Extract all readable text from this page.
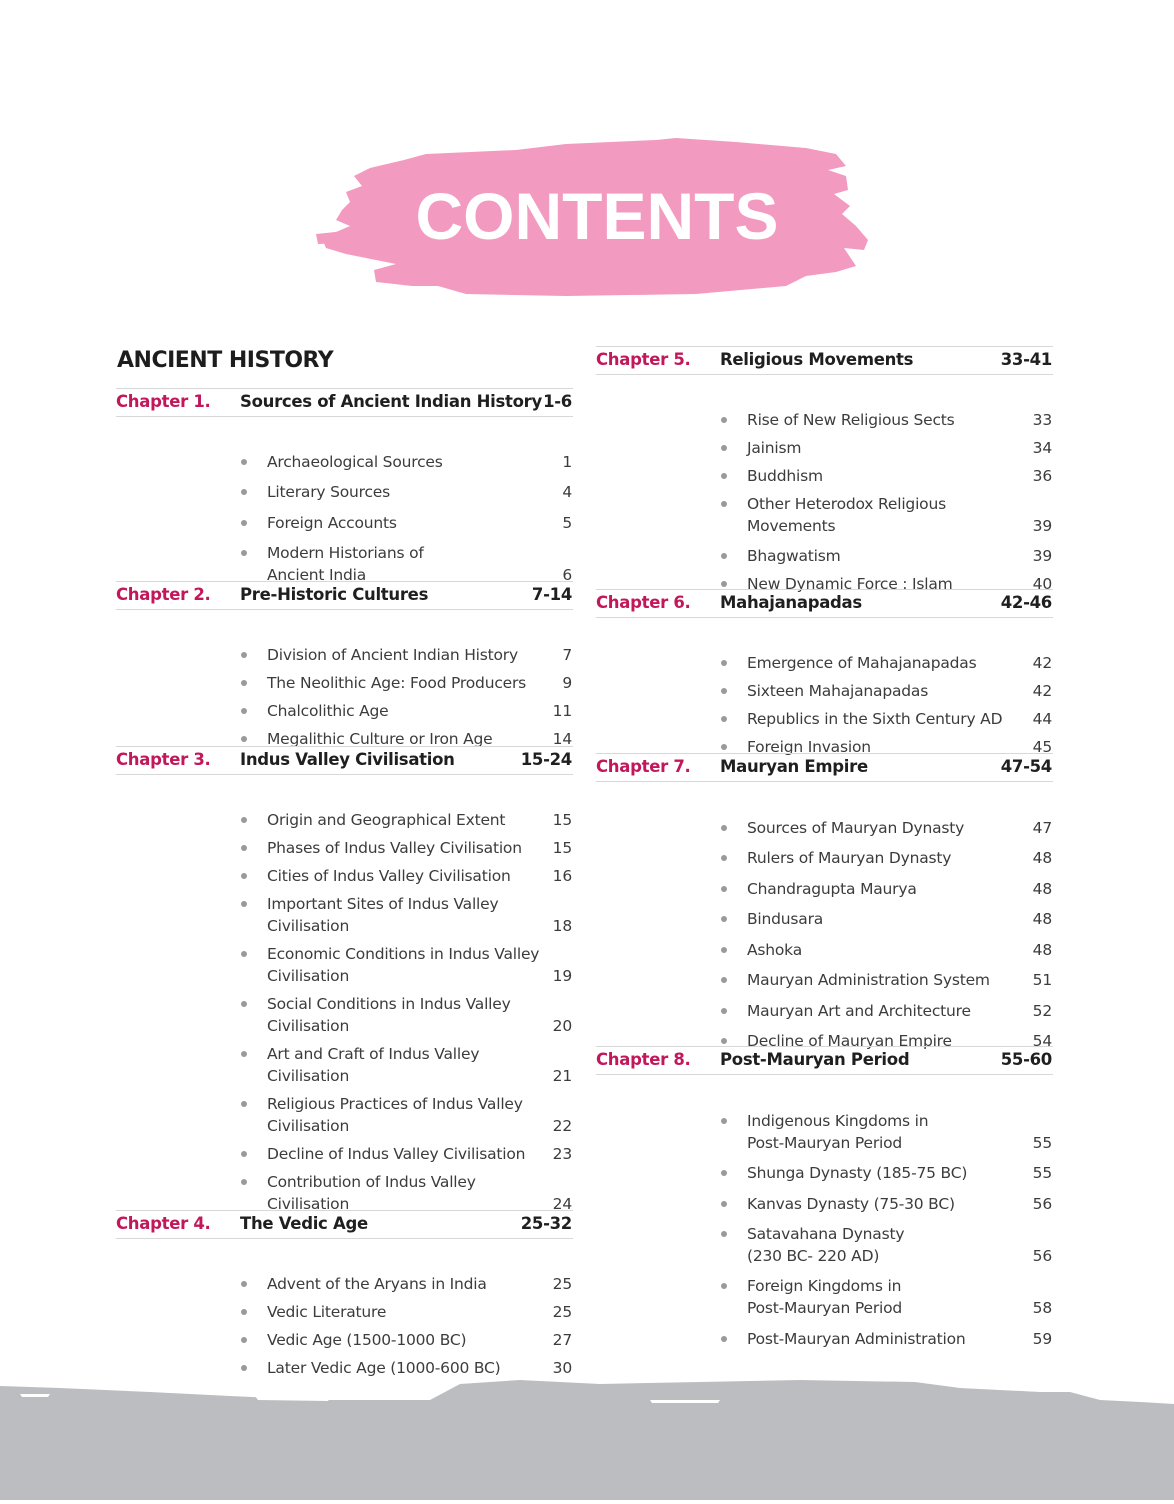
CONTENTS
ANCIENT HISTORY
Chapter 1. Sources of Ancient Indian History 1-6
Archaeological Sources	1
Literary Sources	4
Foreign Accounts	5
Modern Historians of
Ancient India	6
Chapter 2. Pre-Historic Cultures	7-14
Division of Ancient Indian History	7
The Neolithic Age: Food Producers	9
Chalcolithic Age	11
Megalithic Culture or Iron Age	14
Chapter 3. Indus Valley Civilisation	15-24
Origin and Geographical Extent	15
Phases of Indus Valley Civilisation	15
Cities of Indus Valley Civilisation	16
Important Sites of Indus Valley
Civilisation	18
Economic Conditions in Indus Valley
Civilisation	19
Social Conditions in Indus Valley
Civilisation	20
Art and Craft of Indus Valley
Civilisation	21
Religious Practices of Indus Valley
Civilisation	22
Decline of Indus Valley Civilisation	23
Contribution of Indus Valley
Civilisation	24
Chapter 4. The Vedic Age	25-32
Advent of the Aryans in India	25
Vedic Literature	25
Vedic Age (1500-1000 BC)	27
Later Vedic Age (1000-600 BC)	30
Chapter 5. Religious Movements	33-41
Rise of New Religious Sects	33
Jainism	34
Buddhism	36
Other Heterodox Religious
Movements	39
Bhagwatism	39
New Dynamic Force : Islam	40
Chapter 6. Mahajanapadas	42-46
Emergence of Mahajanapadas	42
Sixteen Mahajanapadas	42
Republics in the Sixth Century AD	44
Foreign Invasion	45
Chapter 7. Mauryan Empire	47-54
Sources of Mauryan Dynasty	47
Rulers of Mauryan Dynasty	48
Chandragupta Maurya	48
Bindusara	48
Ashoka	48
Mauryan Administration System	51
Mauryan Art and Architecture	52
Decline of Mauryan Empire	54
Chapter 8. Post-Mauryan Period	55-60
Indigenous Kingdoms in
Post-Mauryan Period	55
Shunga Dynasty (185-75 BC)	55
Kanvas Dynasty (75-30 BC)	56
Satavahana Dynasty
(230 BC- 220 AD)	56
Foreign Kingdoms in
Post-Mauryan Period	58
Post-Mauryan Administration	59
